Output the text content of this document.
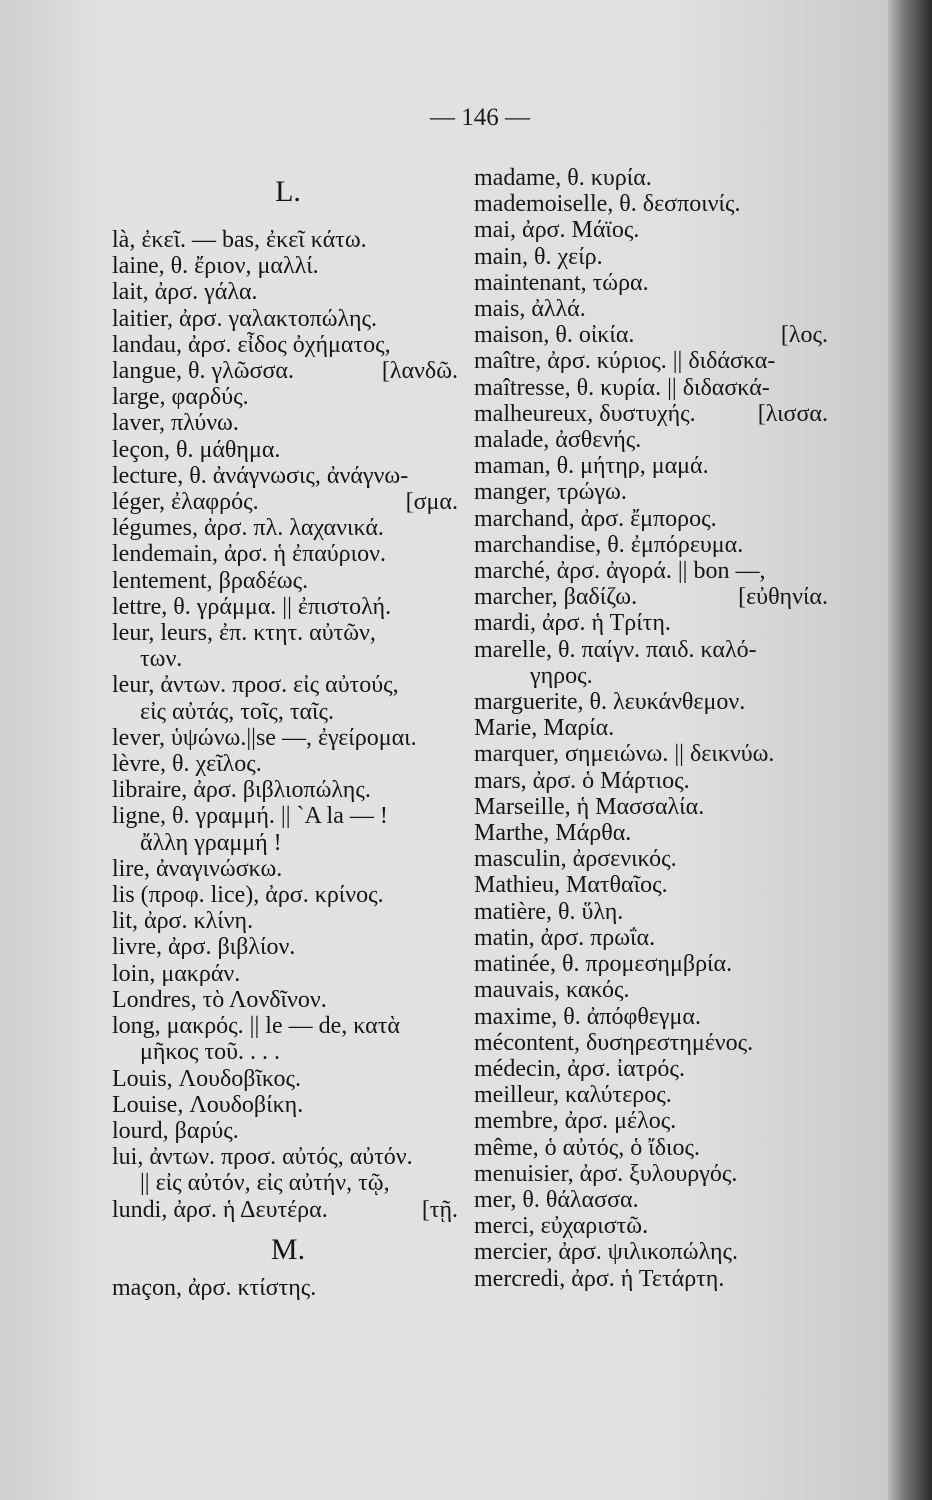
— 146 —
L.
là, ἐκεῖ. — bas, ἐκεῖ κάτω.
laine, θ. ἔριον, μαλλί.
lait, ἀρσ. γάλα.
laitier, ἀρσ. γαλακτοπώλης.
landau, ἀρσ. εἶδος ὀχήματος,
langue, θ. γλῶσσα.	[λανδῶ.
large, φαρδύς.
laver, πλύνω.
leçon, θ. μάθημα.
lecture, θ. ἀνάγνωσις, ἀνάγνω-
léger, ἐλαφρός.	[σμα.
légumes, ἀρσ. πλ. λαχανικά.
lendemain, ἀρσ. ἡ ἐπαύριον.
lentement, βραδέως.
lettre, θ. γράμμα. || ἐπιστολή.
leur, leurs, ἐπ. κτητ. αὐτῶν,
των.
leur, ἀντων. προσ. εἰς αὐτούς,
εἰς αὐτάς, τοῖς, ταῖς.
lever, ὑψώνω.||se —, ἐγείρομαι.
lèvre, θ. χεῖλος.
libraire, ἀρσ. βιβλιοπώλης.
ligne, θ. γραμμή. || `A la — !
ἄλλη γραμμή !
lire, ἀναγινώσκω.
lis (προφ. lice), ἀρσ. κρίνος.
lit, ἀρσ. κλίνη.
livre, ἀρσ. βιβλίον.
loin, μακράν.
Londres, τὸ Λονδῖνον.
long, μακρός. || le — de, κατὰ
μῆκος τοῦ. . . .
Louis, Λουδοβῖκος.
Louise, Λουδοβίκη.
lourd, βαρύς.
lui, ἀντων. προσ. αὐτός, αὐτόν.
|| εἰς αὐτόν, εἰς αὐτήν, τῷ,
lundi, ἀρσ. ἡ Δευτέρα.	[τῇ.
M.
maçon, ἀρσ. κτίστης.
madame, θ. κυρία.
mademoiselle, θ. δεσποινίς.
mai, ἀρσ. Μάϊος.
main, θ. χείρ.
maintenant, τώρα.
mais, ἀλλά.
maison, θ. οἰκία.	[λος.
maître, ἀρσ. κύριος. || διδάσκα-
maîtresse, θ. κυρία. || διδασκά-
malheureux, δυστυχής.	[λισσα.
malade, ἀσθενής.
maman, θ. μήτηρ, μαμά.
manger, τρώγω.
marchand, ἀρσ. ἔμπορος.
marchandise, θ. ἐμπόρευμα.
marché, ἀρσ. ἀγορά. || bon —,
marcher, βαδίζω.	[εὐθηνία.
mardi, ἀρσ. ἡ Τρίτη.
marelle, θ. παίγν. παιδ. καλό-
γηρος.
marguerite, θ. λευκάνθεμον.
Marie, Μαρία.
marquer, σημειώνω. || δεικνύω.
mars, ἀρσ. ὁ Μάρτιος.
Marseille, ἡ Μασσαλία.
Marthe, Μάρθα.
masculin, ἀρσενικός.
Mathieu, Ματθαῖος.
matière, θ. ὕλη.
matin, ἀρσ. πρωΐα.
matinée, θ. προμεσημβρία.
mauvais, κακός.
maxime, θ. ἀπόφθεγμα.
mécontent, δυσηρεστημένος.
médecin, ἀρσ. ἰατρός.
meilleur, καλύτερος.
membre, ἀρσ. μέλος.
même, ὁ αὐτός, ὁ ἴδιος.
menuisier, ἀρσ. ξυλουργός.
mer, θ. θάλασσα.
merci, εὐχαριστῶ.
mercier, ἀρσ. ψιλικοπώλης.
mercredi, ἀρσ. ἡ Τετάρτη.
